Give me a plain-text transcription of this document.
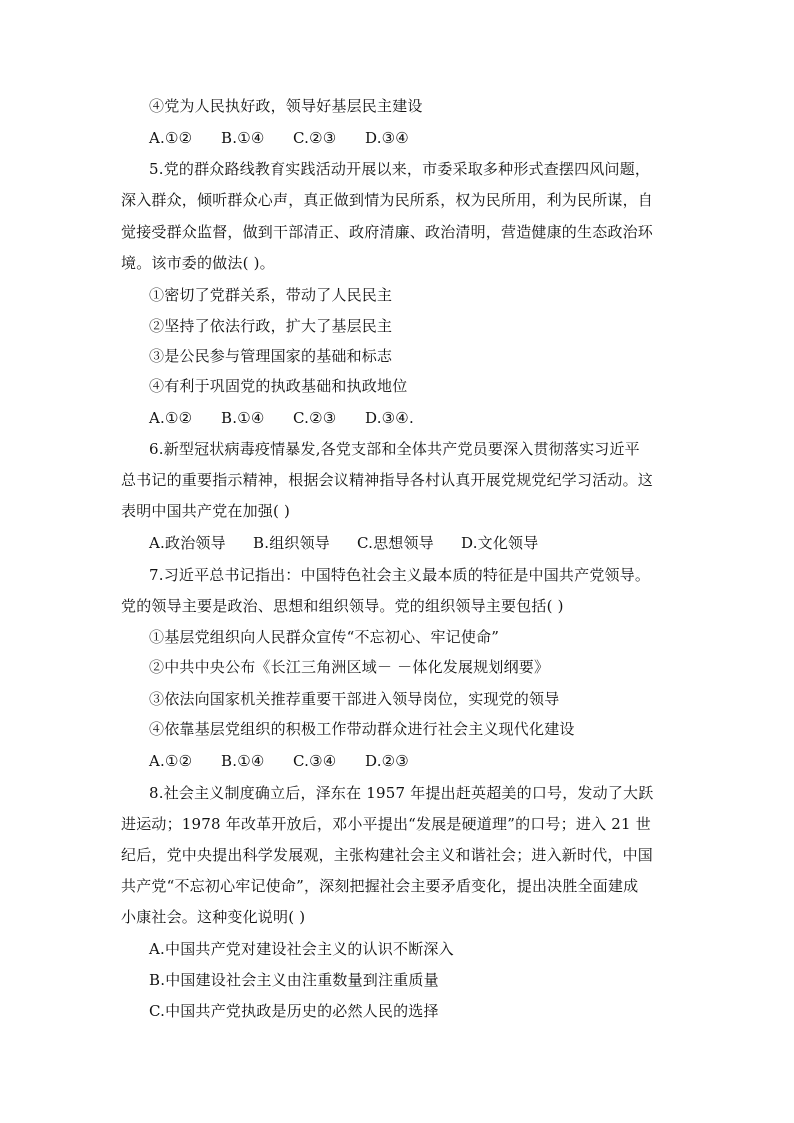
④党为人民执好政，领导好基层民主建设
A.①② B.①④ C.②③ D.③④
5.党的群众路线教育实践活动开展以来，市委采取多种形式查摆四风问题，
深入群众，倾听群众心声，真正做到情为民所系，权为民所用，利为民所谋，自
觉接受群众监督，做到干部清正、政府清廉、政治清明，营造健康的生态政治环
境。该市委的做法( )。
①密切了党群关系，带动了人民民主
②坚持了依法行政，扩大了基层民主
③是公民参与管理国家的基础和标志
④有利于巩固党的执政基础和执政地位
A.①② B.①④ C.②③ D.③④.
6.新型冠状病毒疫情暴发,各党支部和全体共产党员要深入贯彻落实习近平
总书记的重要指示精神，根据会议精神指导各村认真开展党规党纪学习活动。这
表明中国共产党在加强( )
A.政治领导 B.组织领导 C.思想领导 D.文化领导
7.习近平总书记指出：中国特色社会主义最本质的特征是中国共产党领导。
党的领导主要是政治、思想和组织领导。党的组织领导主要包括( )
①基层党组织向人民群众宣传“不忘初心、牢记使命”
②中共中央公布《长江三角洲区域－ －体化发展规划纲要》
③依法向国家机关推荐重要干部进入领导岗位，实现党的领导
④依靠基层党组织的积极工作带动群众进行社会主义现代化建设
A.①② B.①④ C.③④ D.②③
8.社会主义制度确立后，泽东在 1957 年提出赶英超美的口号，发动了大跃
进运动；1978 年改革开放后，邓小平提出“发展是硬道理”的口号；进入 21 世
纪后，党中央提出科学发展观，主张构建社会主义和谐社会；进入新时代，中国
共产党“不忘初心牢记使命”，深刻把握社会主要矛盾变化，提出决胜全面建成
小康社会。这种变化说明( )
A.中国共产党对建设社会主义的认识不断深入
B.中国建设社会主义由注重数量到注重质量
C.中国共产党执政是历史的必然人民的选择
